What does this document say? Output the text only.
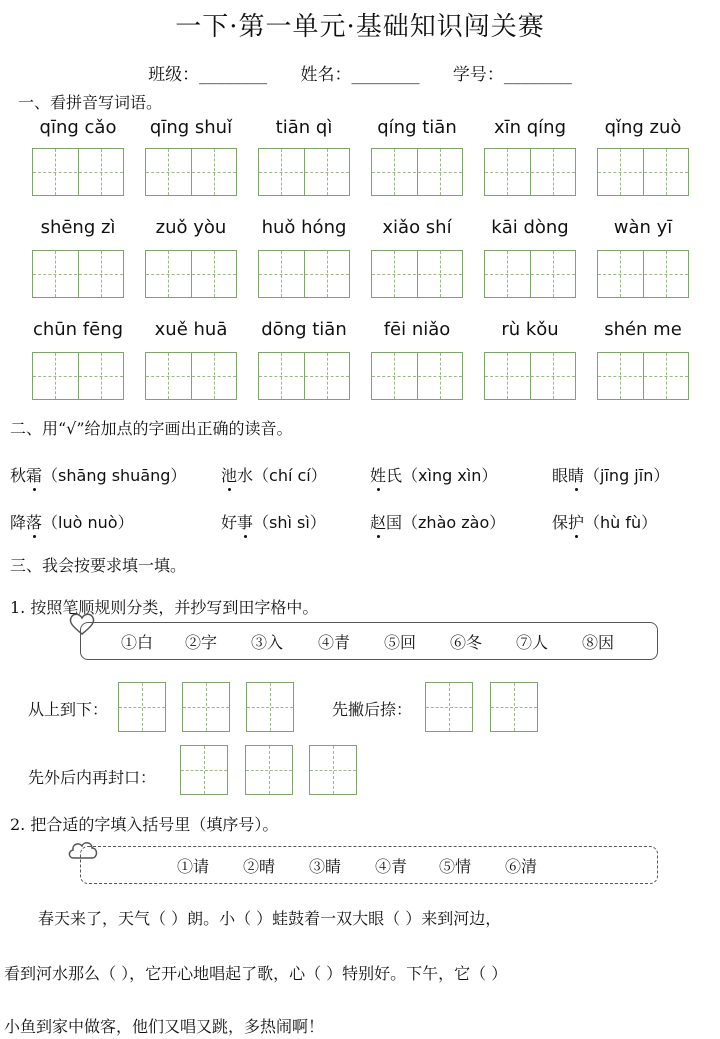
一下·第一单元·基础知识闯关赛
班级：________ 姓名：________ 学号：________
一、看拼音写词语。
qīng cǎo	qīng shuǐ	tiān qì	qíng tiān	xīn qíng	qǐng zuò
shēng zì	zuǒ yòu	huǒ hóng	xiǎo shí	kāi dòng	wàn yī
chūn fēng	xuě huā	dōng tiān	fēi niǎo	rù kǒu	shén me
二、用“√”给加点的字画出正确的读音。
秋霜（shāng shuāng） 池水（chí cí）	姓氏（xìng xìn）	眼睛（jīng jīn）
降落（luò nuò）	好事（shì sì）	赵国（zhào zào）	保护（hù fù）
三、我会按要求填一填。
1. 按照笔顺规则分类，并抄写到田字格中。
①白 ②字 ③入 ④青 ⑤回 ⑥冬 ⑦人 ⑧因
从上到下：	先撇后捺：
先外后内再封口：
2. 把合适的字填入括号里（填序号）。
①请 ②晴 ③睛 ④青 ⑤情 ⑥清
春天来了，天气（ ）朗。小（ ）蛙鼓着一双大眼（ ）来到河边，
看到河水那么（ ），它开心地唱起了歌，心（ ）特别好。下午，它（ ）
小鱼到家中做客，他们又唱又跳，多热闹啊！
